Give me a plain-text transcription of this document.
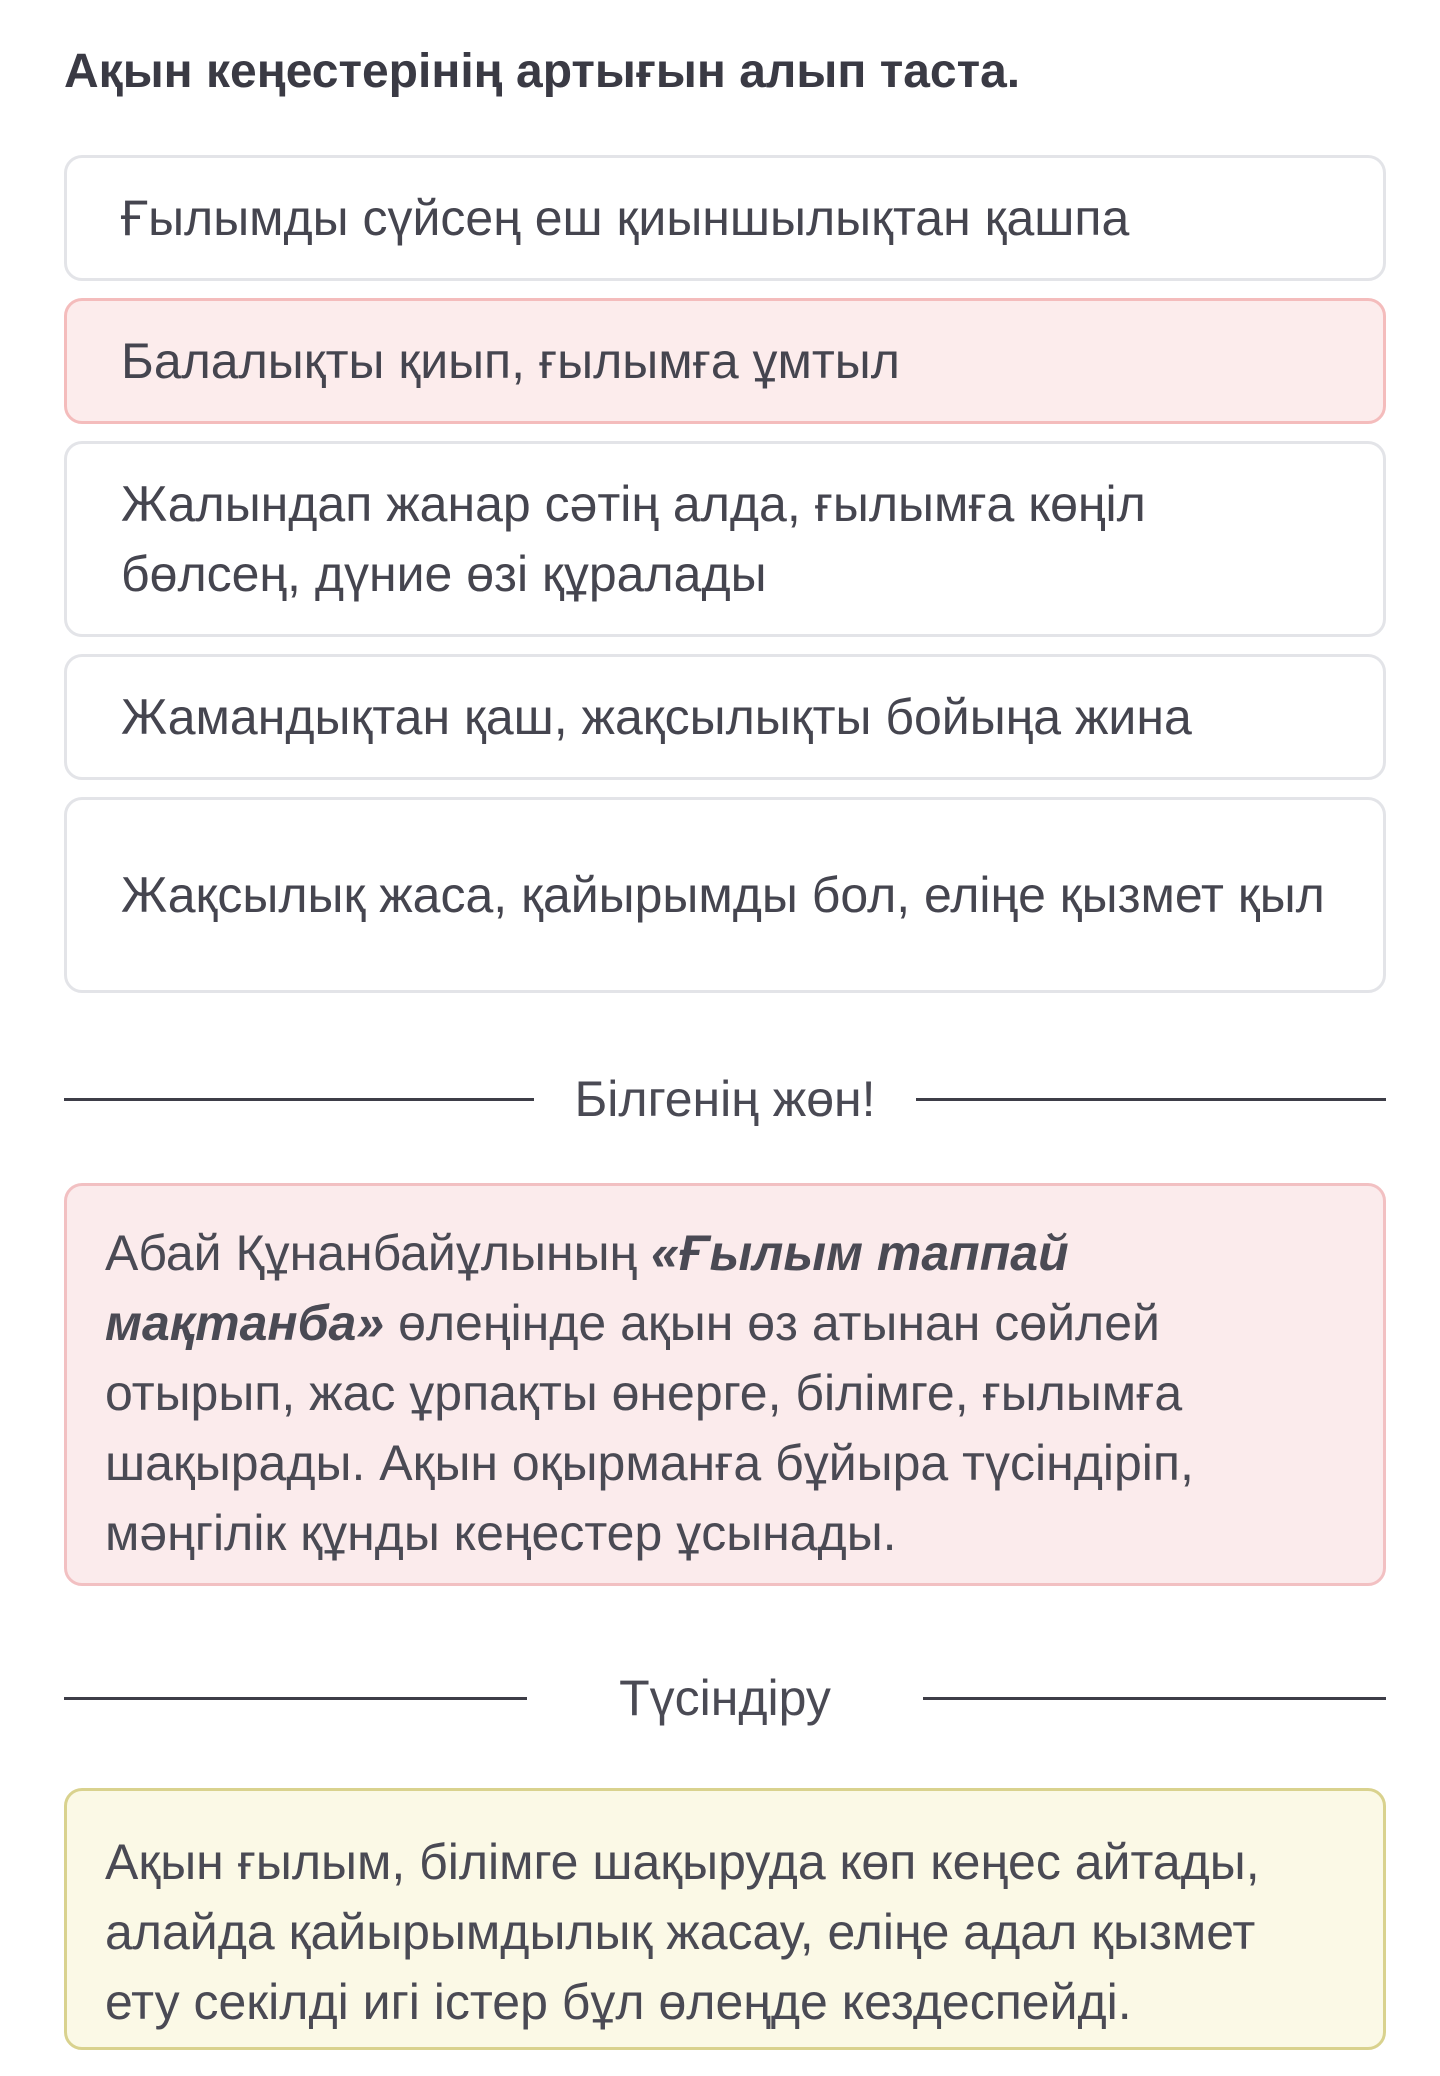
Ақын кеңестерінің артығын алып таста.
Ғылымды сүйсең еш қиыншылықтан қашпа
Балалықты қиып, ғылымға ұмтыл
Жалындап жанар сәтің алда, ғылымға көңіл бөлсең, дүние өзі құралады
Жамандықтан қаш, жақсылықты бойыңа жина
Жақсылық жаса, қайырымды бол, еліңе қызмет қыл
Білгенің жөн!
Абай Құнанбайұлының «Ғылым таппай мақтанба» өлеңінде ақын өз атынан сөйлей отырып, жас ұрпақты өнерге, білімге, ғылымға шақырады. Ақын оқырманға бұйыра түсіндіріп, мәңгілік құнды кеңестер ұсынады.
Түсіндіру
Ақын ғылым, білімге шақыруда көп кеңес айтады, алайда қайырымдылық жасау, еліңе адал қызмет ету секілді игі істер бұл өлеңде кездеспейді.
